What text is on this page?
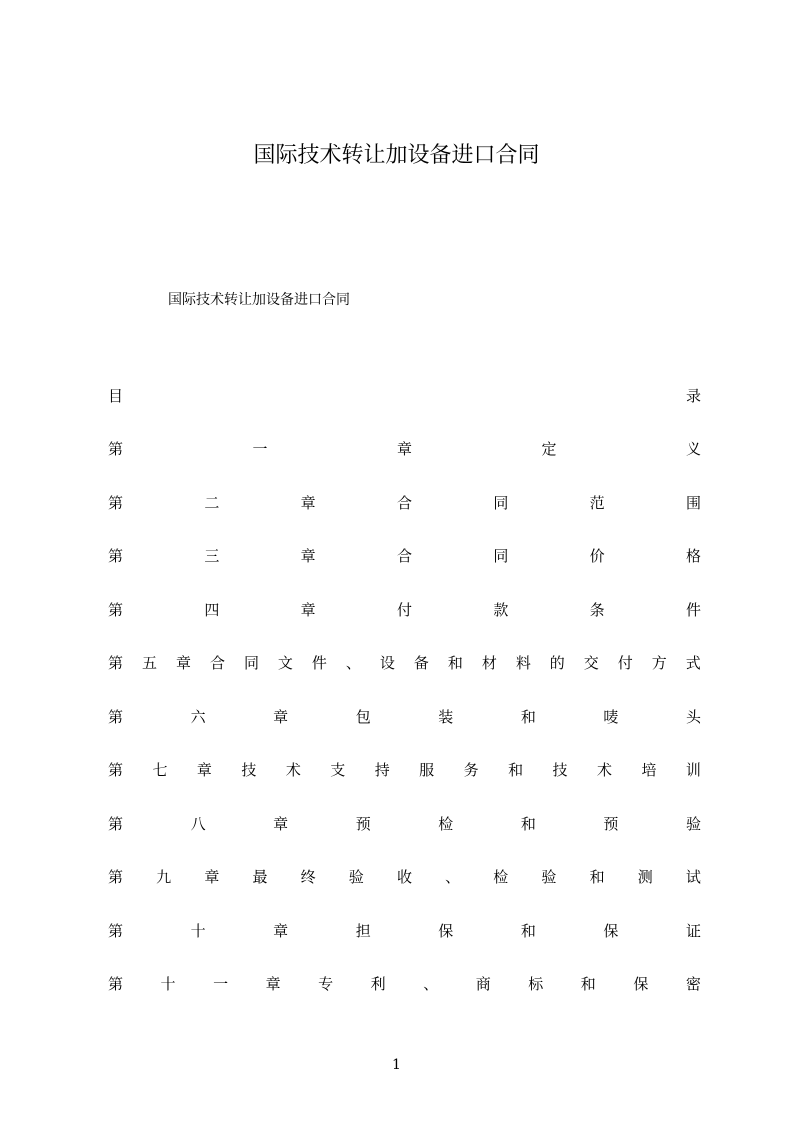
国际技术转让加设备进口合同
国际技术转让加设备进口合同
目	录
第	一	章	定	义
第	二	章	合	同	范	围
第	三	章	合	同	价	格
第	四	章	付	款	条	件
第 五 章 合 同 文 件 、 设 备 和 材 料 的 交 付 方 式
第	六	章	包	装	和	唛	头
第 七 章 技 术 支 持 服 务 和 技 术 培 训
第	八	章	预	检	和	预	验
第 九 章 最 终 验 收 、 检 验 和 测 试
第	十	章	担	保	和	保	证
第	十	一	章	专	利	、	商	标	和	保	密
1
